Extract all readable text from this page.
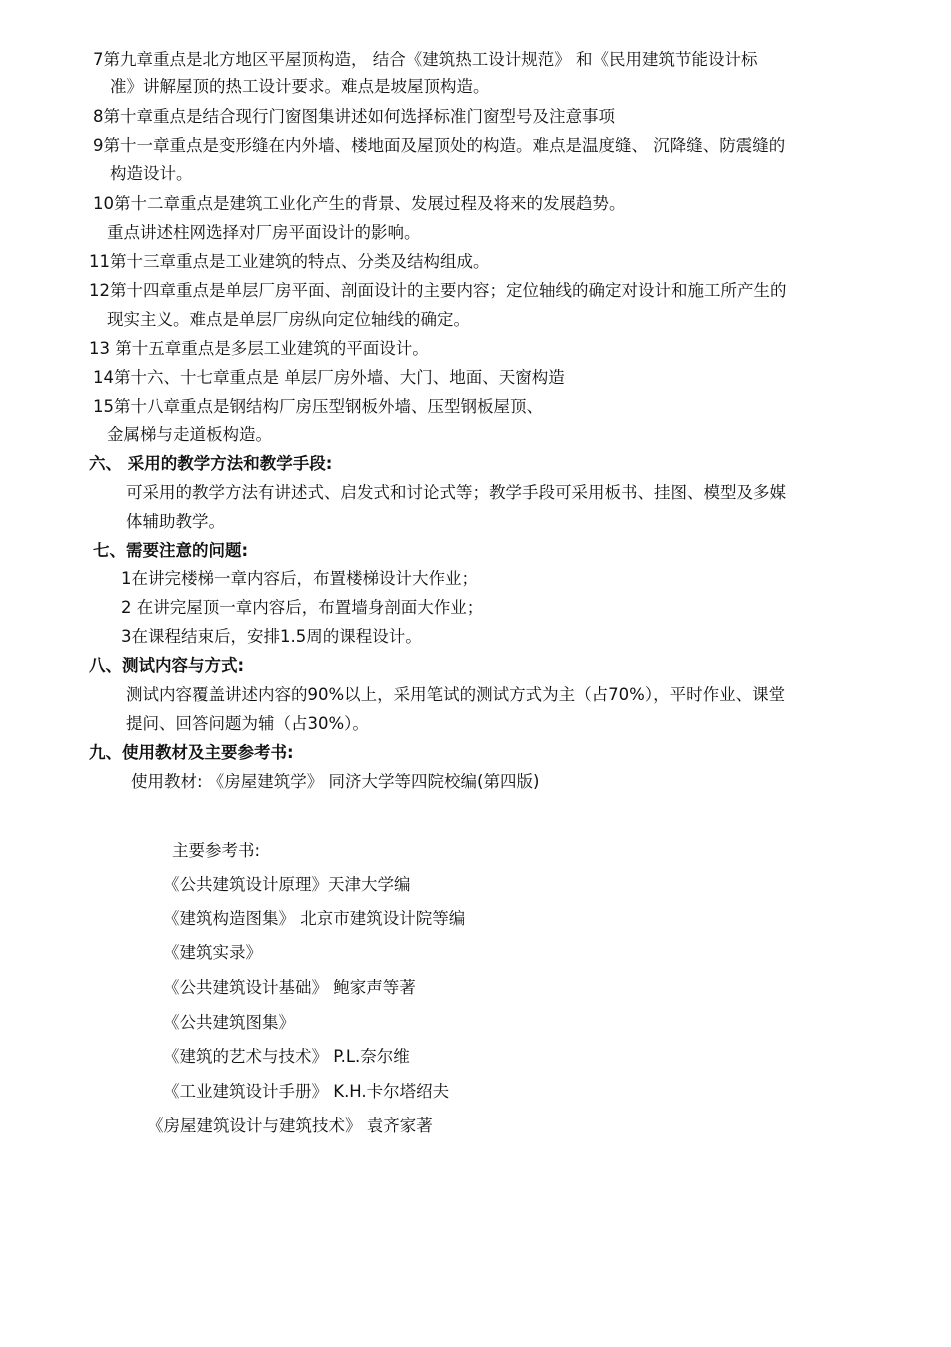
7第九章重点是北方地区平屋顶构造， 结合《建筑热工设计规范》 和《民用建筑节能设计标
准》讲解屋顶的热工设计要求。难点是坡屋顶构造。
8第十章重点是结合现行门窗图集讲述如何选择标准门窗型号及注意事项
9第十一章重点是变形缝在内外墙、楼地面及屋顶处的构造。难点是温度缝、 沉降缝、防震缝的
构造设计。
10第十二章重点是建筑工业化产生的背景、发展过程及将来的发展趋势。
重点讲述柱网选择对厂房平面设计的影响。
11第十三章重点是工业建筑的特点、分类及结构组成。
12第十四章重点是单层厂房平面、剖面设计的主要内容；定位轴线的确定对设计和施工所产生的
现实主义。难点是单层厂房纵向定位轴线的确定。
13 第十五章重点是多层工业建筑的平面设计。
14第十六、十七章重点是 单层厂房外墙、大门、地面、天窗构造
15第十八章重点是钢结构厂房压型钢板外墙、压型钢板屋顶、
金属梯与走道板构造。
六、 采用的教学方法和教学手段:
可采用的教学方法有讲述式、启发式和讨论式等；教学手段可采用板书、挂图、模型及多媒
体辅助教学。
七、需要注意的问题:
1在讲完楼梯一章内容后，布置楼梯设计大作业；
2 在讲完屋顶一章内容后，布置墙身剖面大作业；
3在课程结束后，安排1.5周的课程设计。
八、测试内容与方式:
测试内容覆盖讲述内容的90%以上，采用笔试的测试方式为主（占70%），平时作业、课堂
提问、回答问题为辅（占30%）。
九、使用教材及主要参考书:
使用教材: 《房屋建筑学》 同济大学等四院校编(第四版)
主要参考书:
《公共建筑设计原理》天津大学编
《建筑构造图集》 北京市建筑设计院等编
《建筑实录》
《公共建筑设计基础》 鲍家声等著
《公共建筑图集》
《建筑的艺术与技术》 P.L.奈尔维
《工业建筑设计手册》 K.H.卡尔塔绍夫
《房屋建筑设计与建筑技术》 袁齐家著
